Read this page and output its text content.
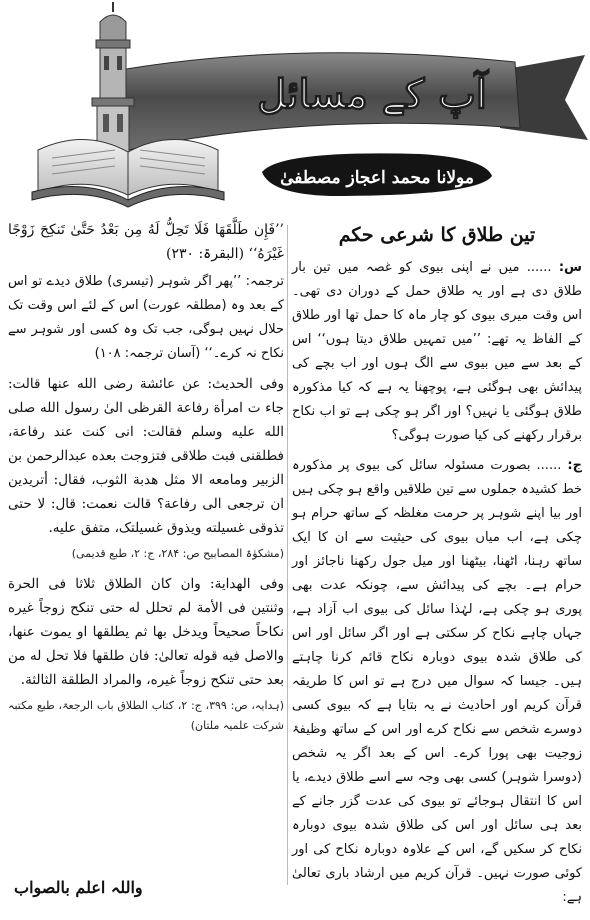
آپ کے مسائل
مولانا محمد اعجاز مصطفیٰ
تین طلاق کا شرعی حکم

س: ...... میں نے اپنی بیوی کو غصہ میں تین بار طلاق دی ہے اور یہ طلاق حمل کے دوران دی تھی۔ اس وقت میری بیوی کو چار ماہ کا حمل تھا اور طلاق کے الفاظ یہ تھے: ’’میں تمہیں طلاق دیتا ہوں‘‘ اس کے بعد سے میں بیوی سے الگ ہوں اور اب بچے کی پیدائش بھی ہوگئی ہے، پوچھنا یہ ہے کہ کیا مذکورہ طلاق ہوگئی یا نہیں؟ اور اگر ہو چکی ہے تو اب نکاح برقرار رکھنے کی کیا صورت ہوگی؟

ج: ...... بصورت مسئولہ سائل کی بیوی پر مذکورہ خط کشیدہ جملوں سے تین طلاقیں واقع ہو چکی ہیں اور بیا اپنے شوہر پر حرمت مغلظہ کے ساتھ حرام ہو چکی ہے، اب میاں بیوی کی حیثیت سے ان کا ایک ساتھ رہنا، اٹھنا، بیٹھنا اور میل جول رکھنا ناجائز اور حرام ہے۔ بچے کی پیدائش سے، چونکہ عدت بھی پوری ہو چکی ہے، لہٰذا سائل کی بیوی اب آزاد ہے، جہاں چاہے نکاح کر سکتی ہے اور اگر سائل اور اس کی طلاق شدہ بیوی دوبارہ نکاح قائم کرنا چاہتے ہیں۔ جیسا کہ سوال میں درج ہے تو اس کا طریقہ قرآن کریم اور احادیث نے یہ بتایا ہے کہ بیوی کسی دوسرے شخص سے نکاح کرے اور اس کے ساتھ وظیفۂ زوجیت بھی پورا کرے۔ اس کے بعد اگر یہ شخص (دوسرا شوہر) کسی بھی وجہ سے اسے طلاق دیدے، یا اس کا انتقال ہوجائے تو بیوی کی عدت گزر جانے کے بعد ہی سائل اور اس کی طلاق شدہ بیوی دوبارہ نکاح کر سکیں گے، اس کے علاوہ دوبارہ نکاح کی اور کوئی صورت نہیں۔ قرآن کریم میں ارشاد باری تعالیٰ ہے:

’’فَإِن طَلَّقَهَا فَلَا تَحِلُّ لَهُ مِن بَعْدُ حَتَّىٰ تَنكِحَ زَوْجًا غَيْرَهُ‘‘ (البقرۃ: ۲۳۰)

ترجمہ: ’’پھر اگر شوہر (تیسری) طلاق دیدے تو اس کے بعد وہ (مطلقہ عورت) اس کے لئے اس وقت تک حلال نہیں ہوگی، جب تک وہ کسی اور شوہر سے نکاح نہ کرے۔‘‘ (آسان ترجمہ: ۱۰۸)

وفی الحدیث: عن عائشة رضی الله عنها قالت: جاء ت امرأة رفاعة القرظی الیٰ رسول الله صلی الله علیه وسلم فقالت: انی کنت عند رفاعة، فطلقنی فبت طلاقی فتزوجت بعده عبدالرحمن بن الزبیر ومامعه الا مثل هدبة الثوب، فقال: أتریدین ان ترجعی الی رفاعة؟ قالت نعمت: قال: لا حتی تذوقی غسیلته ویذوق غسیلتک، متفق علیه.

(مشکوٰۃ المصابیح ص: ۲۸۴، ج: ۲، طبع قدیمی)

وفی الهدایة: وان کان الطلاق ثلاثا فی الحرة وثنتین فی الأمة لم تحلل له حتی تنکح زوجاً غیره نکاحاً صحیحاً ویدخل بها ثم یطلقها او یموت عنها، والاصل فیه قوله تعالیٰ: فان طلقها فلا تحل له من بعد حتی تنکح زوجاً غیره، والمراد الطلقة الثالثة.

(ہدایہ، ص: ۳۹۹، ج: ۲، کتاب الطلاق باب الرجعۃ، طبع مکتبہ شرکت علمیہ ملتان)

واللہ اعلم بالصواب
